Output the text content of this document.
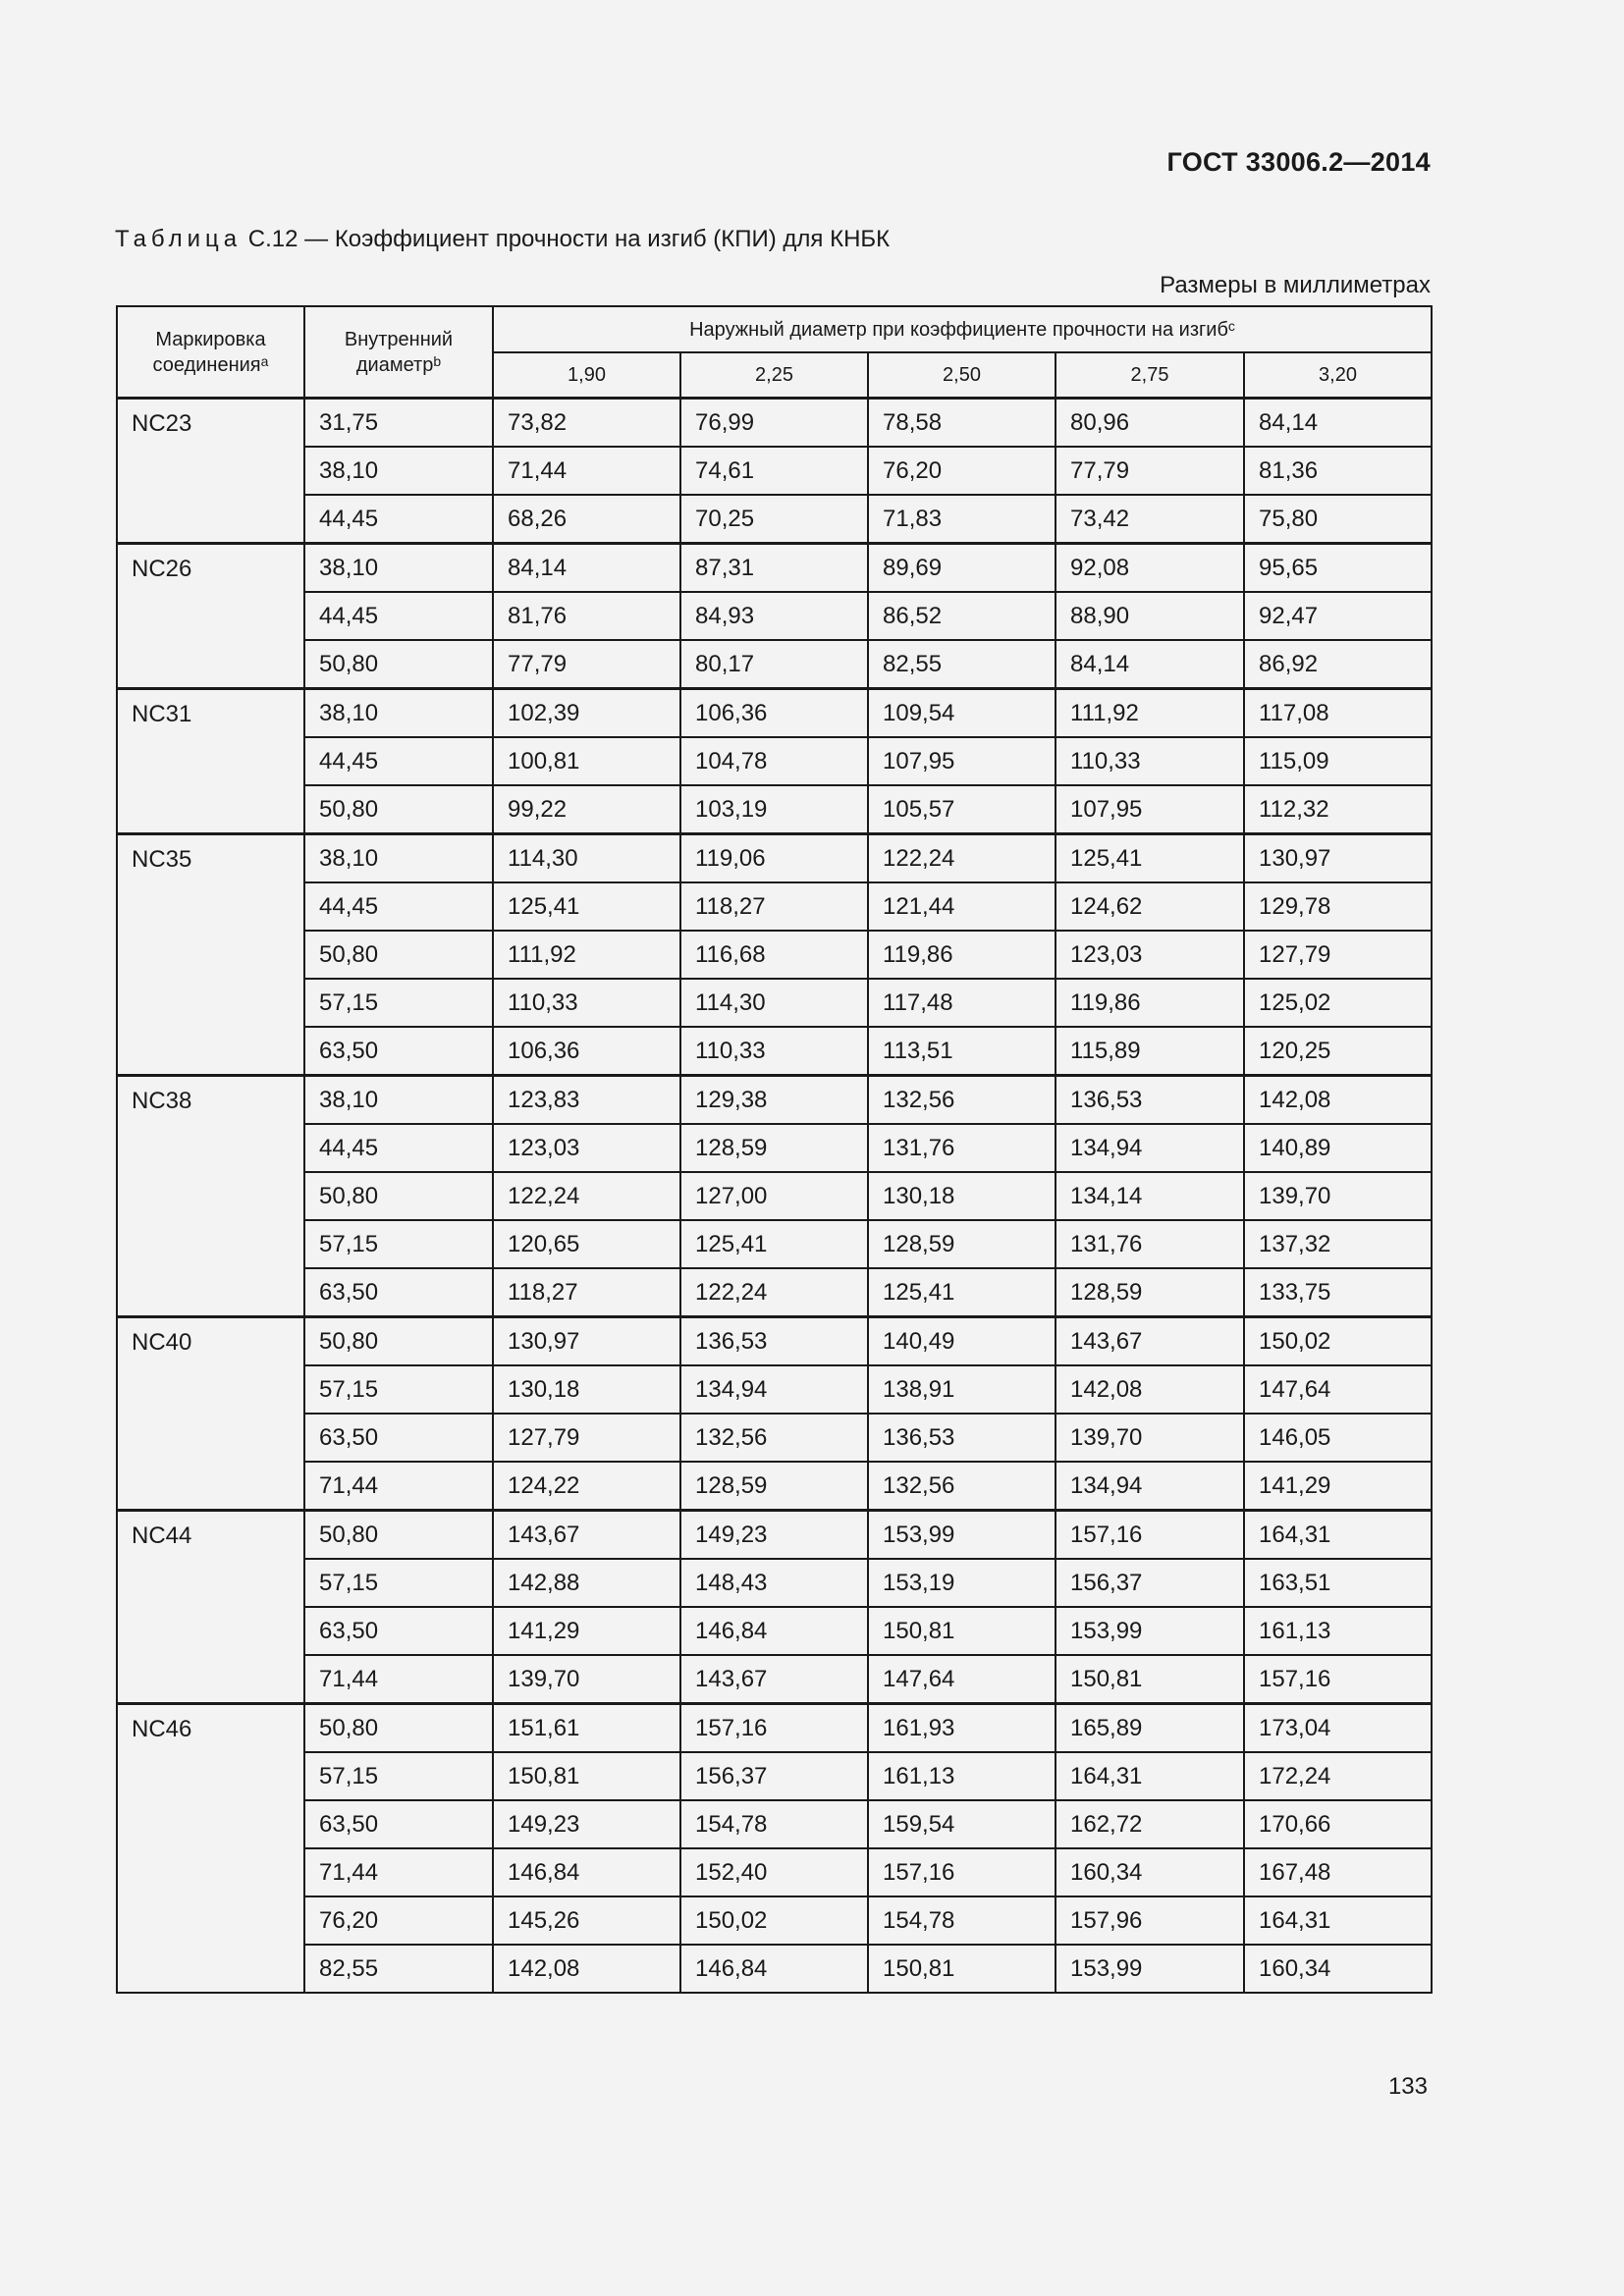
ГОСТ 33006.2—2014
Таблица С.12 — Коэффициент прочности на изгиб (КПИ) для КНБК
Размеры в миллиметрах
Маркировка соединения$^a$	Внутренний диаметр$^b$	Наружный диаметр при коэффициенте прочности на изгиб$^c$
		1,90	2,25	2,50	2,75	3,20
NC23	31,75	73,82	76,99	78,58	80,96	84,14
	38,10	71,44	74,61	76,20	77,79	81,36
	44,45	68,26	70,25	71,83	73,42	75,80
NC26	38,10	84,14	87,31	89,69	92,08	95,65
	44,45	81,76	84,93	86,52	88,90	92,47
	50,80	77,79	80,17	82,55	84,14	86,92
NC31	38,10	102,39	106,36	109,54	111,92	117,08
	44,45	100,81	104,78	107,95	110,33	115,09
	50,80	99,22	103,19	105,57	107,95	112,32
NC35	38,10	114,30	119,06	122,24	125,41	130,97
	44,45	125,41	118,27	121,44	124,62	129,78
	50,80	111,92	116,68	119,86	123,03	127,79
	57,15	110,33	114,30	117,48	119,86	125,02
	63,50	106,36	110,33	113,51	115,89	120,25
NC38	38,10	123,83	129,38	132,56	136,53	142,08
	44,45	123,03	128,59	131,76	134,94	140,89
	50,80	122,24	127,00	130,18	134,14	139,70
	57,15	120,65	125,41	128,59	131,76	137,32
	63,50	118,27	122,24	125,41	128,59	133,75
NC40	50,80	130,97	136,53	140,49	143,67	150,02
	57,15	130,18	134,94	138,91	142,08	147,64
	63,50	127,79	132,56	136,53	139,70	146,05
	71,44	124,22	128,59	132,56	134,94	141,29
NC44	50,80	143,67	149,23	153,99	157,16	164,31
	57,15	142,88	148,43	153,19	156,37	163,51
	63,50	141,29	146,84	150,81	153,99	161,13
	71,44	139,70	143,67	147,64	150,81	157,16
NC46	50,80	151,61	157,16	161,93	165,89	173,04
	57,15	150,81	156,37	161,13	164,31	172,24
	63,50	149,23	154,78	159,54	162,72	170,66
	71,44	146,84	152,40	157,16	160,34	167,48
	76,20	145,26	150,02	154,78	157,96	164,31
	82,55	142,08	146,84	150,81	153,99	160,34
133
